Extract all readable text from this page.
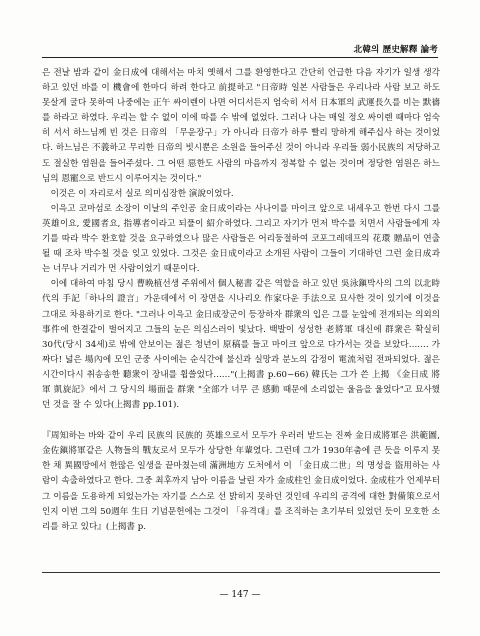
北韓의 歷史解釋 論考

은 전날 밤과 같이 金日成에 대해서는 마치 옛해서 그를 환영한다고 간단히 언급한 다음 자기가 일생 생각하고 있던 바를 이 機會에 한마디 하려 한다고 前提하고 "日帝時 일본 사람들은 우리나라 사람 보고 하도 못살게 굴다 못하여 나중에는 正午 싸이렌이 나면 어디서든지 엄숙히 서서 日本軍의 武運長久를 비는 默禱를 하라고 하였다. 우리는 할 수 없이 이에 따를 수 밖에 없었다. 그러나 나는 매일 정오 싸이렌 때마다 엄숙히 서서 하느님께 빈 것은 日帝의 「무운장구」가 아니라 日帝가 하루 빨리 망하게 해주십사 하는 것이었다. 하느님은 不義하고 무리한 日帝의 빗시뿐은 소원을 들어주신 것이 아니라 우리들 弱小民族의 저당하고도 절실한 염원을 들어주셨다. 그 어떤 惡한도 사람의 마음까지 정복할 수 없는 것이며 정당한 염원은 하느님의 恩寵으로 반드시 이루어지는 것이다."

이것은 이 자리로서 실로 의미심장한 演說이었다.

이윽고 코마섬로 소장이 이날의 주인공 金日成이라는 사나이를 마이크 앞으로 내세우고 한번 다시 그를 英雄이요, 愛國者요, 指導者이라고 되풀이 紹介하였다. 그리고 자기가 먼저 박수를 치면서 사람들에게 자기를 따라 박수 환호할 것을 요구하였으나 많은 사람들은 어리둥절하여 코포그레데프의 花環 贈品이 연출될 때 조차 박수칠 것을 잊고 있었다. 그것은 金日成이라고 소개된 사람이 그들이 기대하던 그런 金日成과는 너무나 거리가 먼 사람이었기 때문이다.

이에 대하여 마침 당시 曹晩植선생 주위에서 個人秘書 같은 역할을 하고 있던 吳泳鎭박사의 그의 以北時代의 手記「하나의 證言」가운데에서 이 장면을 시나리오 作家다운 手法으로 묘사한 것이 있기에 이것을 그대로 차용하기로 한다. "그러나 이윽고 金日成장군이 등장하자 群衆의 입은 그를 눈앞에 전개되는 의외의 事件에 한결같이 벌어지고 그들의 눈은 의심스러이 빛났다. 백발이 성성한 老將軍 대신에 群衆은 확실히 30代(당시 34세)로 밖에 안보이는 젊은 청년이 原稿를 들고 마이크 앞으로 다가서는 것을 보았다……. 가짜다! 넓은 場內에 모인 군중 사이에는 순식간에 불신과 실망과 분노의 감정이 電流처럼 전파되었다. 젊은 시간이다시 취송송한 聽衆이 장내를 휩쓸었다……"(上揭書 p.60~66) 韓氏는 그가 쓴 上揭 《金日成 將軍 凱旋記》에서 그 당시의 場面을 群衆 "全部가 너무 큰 感動 때문에 소리없는 울음을 울었다"고 묘사했던 것을 잘 수 있다(上揭書 pp.101).

『周知하는 바와 같이 우리 民族의 民族的 英雄으로서 모두가 우러러 받드는 진짜 金日成將軍은 洪範圖, 金佐鎭將軍같은 人物들의 戰友로서 모두가 상당한 年輩였다. 그런데 그가 1930年춤에 큰 듯을 이루지 못한 채 異國땅에서 한많은 일생을 끝마쳤는데 滿洲地方 도처에서 이 「金日成二世」의 명성을 盜用하는 사람이 속출하였다고 한다. 그중 최후까지 남아 이름을 날린 자가 金成柱인 金日成이었다. 金成柱가 언제부터 그 이름을 도용하게 되었는가는 자기를 스스로 선 밝히지 못하던 것인데 우리의 공격에 대한 對備策으로서인지 이번 그의 50週年 生日 기념문헌에는 그것이 「유격대」를 조직하는 초기부터 있었던 듯이 모호한 소리를 하고 있다』(上揭書 p.

— 147 —
